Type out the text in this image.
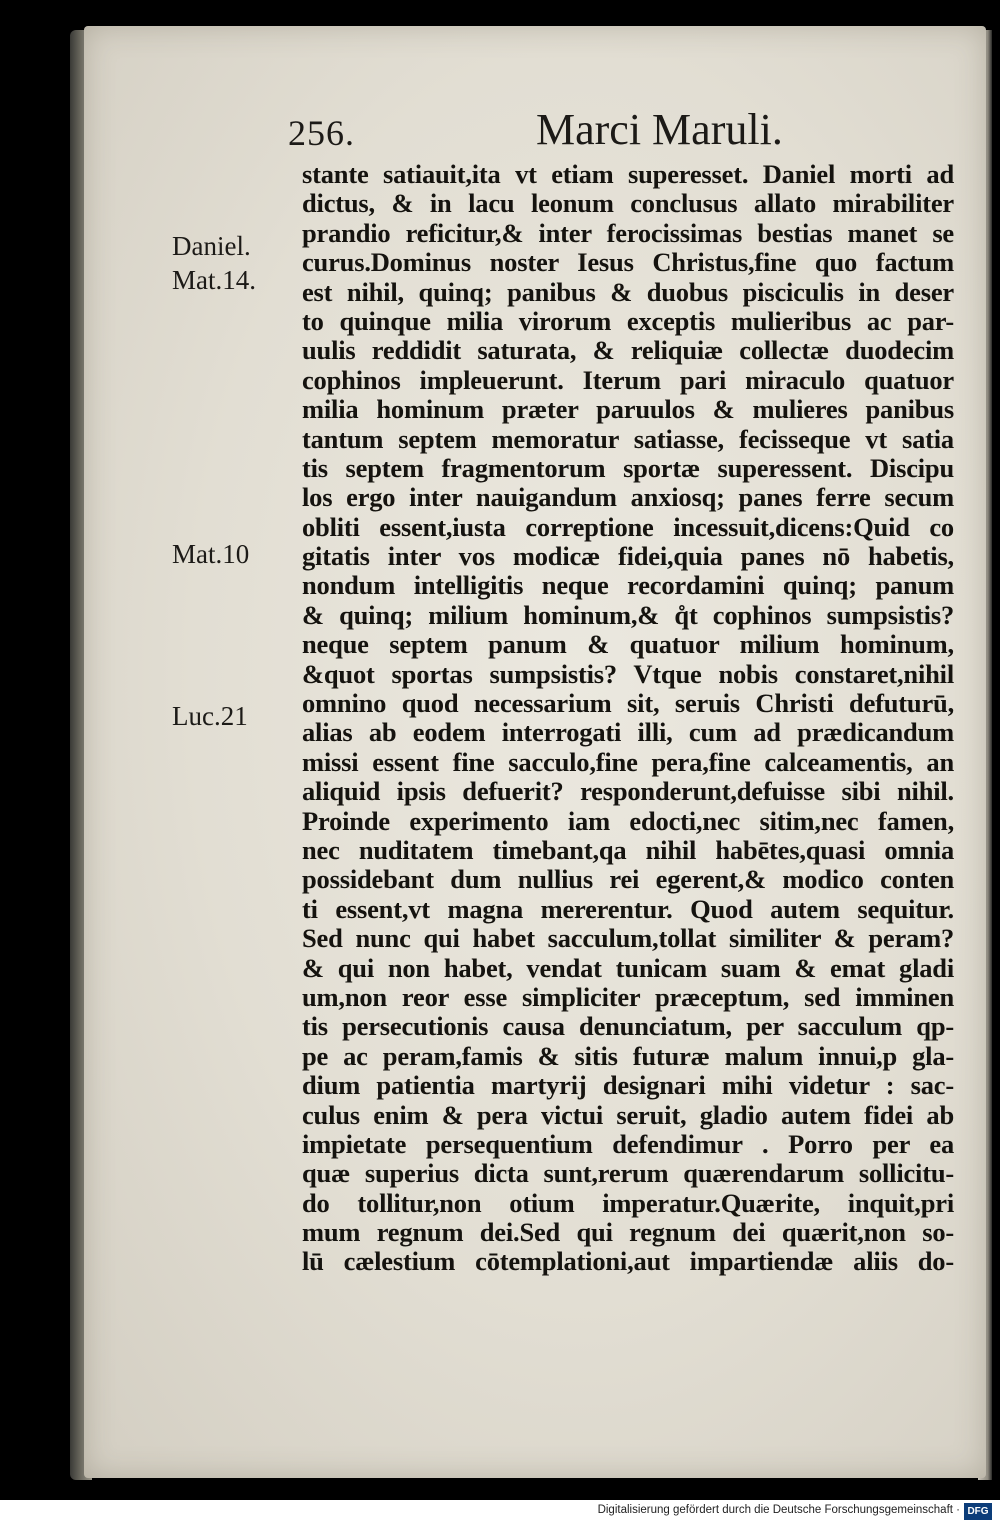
256.	Marci Maruli.
Daniel.
Mat.14.
Mat.10
Luc.21
stante satiauit,ita vt etiam superesset. Daniel morti ad
dictus, & in lacu leonum conclusus allato mirabiliter
prandio reficitur,& inter ferocissimas bestias manet se
curus.Dominus noster Iesus Christus,fine quo factum
est nihil, quinq; panibus & duobus pisciculis in deser
to quinque milia virorum exceptis mulieribus ac par-
uulis reddidit saturata, & reliquiæ collectæ duodecim
cophinos impleuerunt. Iterum pari miraculo quatuor
milia hominum præter paruulos & mulieres panibus
tantum septem memoratur satiasse, fecisseque vt satia
tis septem fragmentorum sportæ superessent. Discipu
los ergo inter nauigandum anxiosq; panes ferre secum
obliti essent,iusta correptione incessuit,dicens:Quid co
gitatis inter vos modicæ fidei,quia panes nō habetis,
nondum intelligitis neque recordamini quinq; panum
& quinq; milium hominum,& q̊t cophinos sumpsistis?
neque septem panum & quatuor milium hominum,
&quot sportas sumpsistis? Vtque nobis constaret,nihil
omnino quod necessarium sit, seruis Christi defuturū,
alias ab eodem interrogati illi, cum ad prædicandum
missi essent fine sacculo,fine pera,fine calceamentis, an
aliquid ipsis defuerit? responderunt,defuisse sibi nihil.
Proinde experimento iam edocti,nec sitim,nec famen,
nec nuditatem timebant,qa nihil habētes,quasi omnia
possidebant dum nullius rei egerent,& modico conten
ti essent,vt magna mererentur. Quod autem sequitur.
Sed nunc qui habet sacculum,tollat similiter & peram?
& qui non habet, vendat tunicam suam & emat gladi
um,non reor esse simpliciter præceptum, sed imminen
tis persecutionis causa denunciatum, per sacculum qp-
pe ac peram,famis & sitis futuræ malum innui,p gla-
dium patientia martyrij designari mihi videtur : sac-
culus enim & pera victui seruit, gladio autem fidei ab
impietate persequentium defendimur . Porro per ea
quæ superius dicta sunt,rerum quærendarum sollicitu-
do tollitur,non otium imperatur.Quærite, inquit,pri
mum regnum dei.Sed qui regnum dei quærit,non so-
lū cælestium cōtemplationi,aut impartiendæ aliis do-
Digitalisierung gefördert durch die Deutsche Forschungsgemeinschaft · DFG
